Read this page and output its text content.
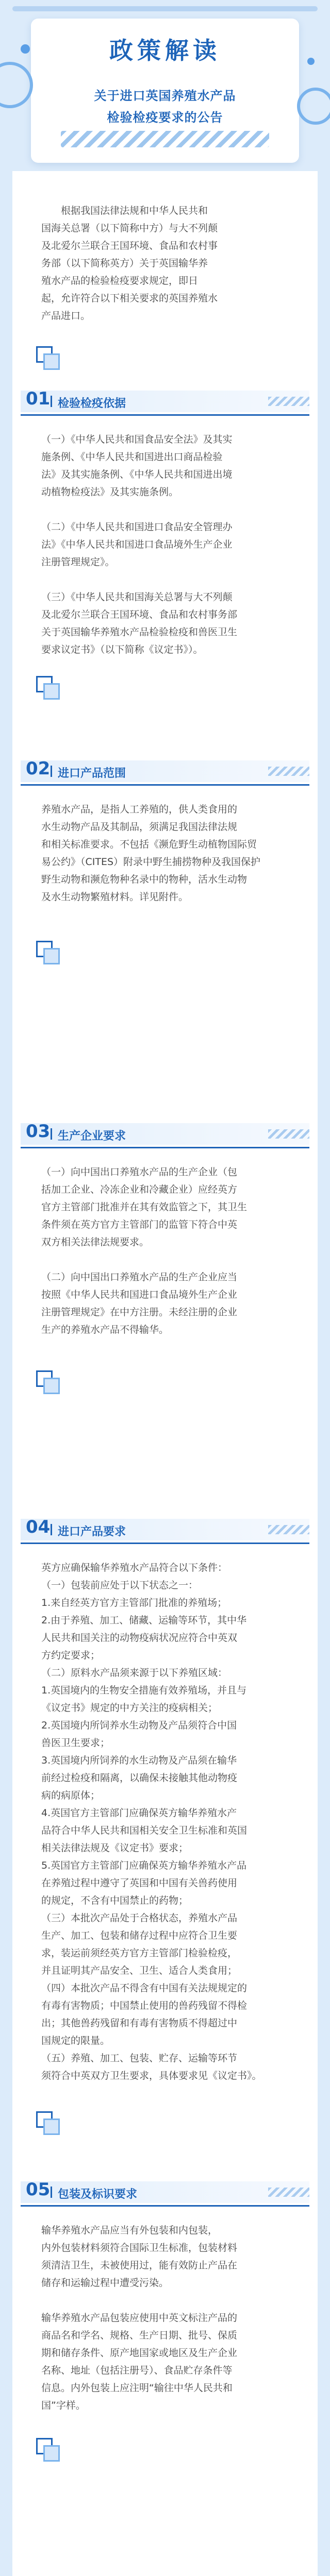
政策解读
关于进口英国养殖水产品
检验检疫要求的公告
根据我国法律法规和中华人民共和
国海关总署（以下简称中方）与大不列颠
及北爱尔兰联合王国环境、食品和农村事
务部（以下简称英方）关于英国输华养
殖水产品的检验检疫要求规定，即日
起，允许符合以下相关要求的英国养殖水
产品进口。
01 检验检疫依据
（一）《中华人民共和国食品安全法》及其实
施条例、《中华人民共和国进出口商品检验
法》及其实施条例、《中华人民共和国进出境
动植物检疫法》及其实施条例。
（二）《中华人民共和国进口食品安全管理办
法》《中华人民共和国进口食品境外生产企业
注册管理规定》。
（三）《中华人民共和国海关总署与大不列颠
及北爱尔兰联合王国环境、食品和农村事务部
关于英国输华养殖水产品检验检疫和兽医卫生
要求议定书》（以下简称《议定书》）。
02 进口产品范围
养殖水产品，是指人工养殖的，供人类食用的
水生动物产品及其制品，须满足我国法律法规
和相关标准要求。不包括《濒危野生动植物国际贸
易公约》（CITES）附录中野生捕捞物种及我国保护
野生动物和濒危物种名录中的物种，活水生动物
及水生动物繁殖材料。详见附件。
03 生产企业要求
（一）向中国出口养殖水产品的生产企业（包
括加工企业、冷冻企业和冷藏企业）应经英方
官方主管部门批准并在其有效监管之下，其卫生
条件须在英方官方主管部门的监管下符合中英
双方相关法律法规要求。
（二）向中国出口养殖水产品的生产企业应当
按照《中华人民共和国进口食品境外生产企业
注册管理规定》在中方注册。未经注册的企业
生产的养殖水产品不得输华。
04 进口产品要求
英方应确保输华养殖水产品符合以下条件：
（一）包装前应处于以下状态之一：
1.来自经英方官方主管部门批准的养殖场；
2.由于养殖、加工、储藏、运输等环节，其中华
人民共和国关注的动物疫病状况应符合中英双
方约定要求；
（二）原料水产品须来源于以下养殖区域：
1.英国境内的生物安全措施有效养殖场，并且与
《议定书》规定的中方关注的疫病相关；
2.英国境内所饲养水生动物及产品须符合中国
兽医卫生要求；
3.英国境内所饲养的水生动物及产品须在输华
前经过检疫和隔离，以确保未接触其他动物疫
病的病原体；
4.英国官方主管部门应确保英方输华养殖水产
品符合中华人民共和国相关安全卫生标准和英国
相关法律法规及《议定书》要求；
5.英国官方主管部门应确保英方输华养殖水产品
在养殖过程中遵守了英国和中国有关兽药使用
的规定，不含有中国禁止的药物；
（三）本批次产品处于合格状态，养殖水产品
生产、加工、包装和储存过程中应符合卫生要
求，装运前须经英方官方主管部门检验检疫，
并且证明其产品安全、卫生、适合人类食用；
（四）本批次产品不得含有中国有关法规规定的
有毒有害物质；中国禁止使用的兽药残留不得检
出；其他兽药残留和有毒有害物质不得超过中
国规定的限量。
（五）养殖、加工、包装、贮存、运输等环节
须符合中英双方卫生要求，具体要求见《议定书》。
05 包装及标识要求
输华养殖水产品应当有外包装和内包装，
内外包装材料须符合国际卫生标准，包装材料
须清洁卫生，未被使用过，能有效防止产品在
储存和运输过程中遭受污染。
输华养殖水产品包装应使用中英文标注产品的
商品名和学名、规格、生产日期、批号、保质
期和储存条件、原产地国家或地区及生产企业
名称、地址（包括注册号）、食品贮存条件等
信息。内外包装上应注明“输往中华人民共和
国”字样。
